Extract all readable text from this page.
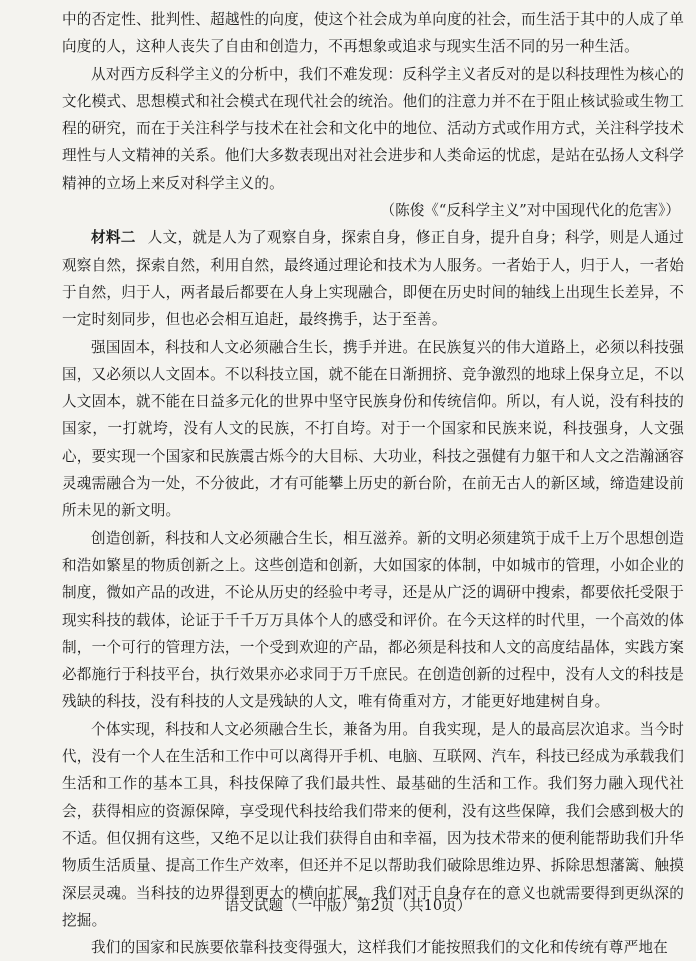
中的否定性、批判性、超越性的向度，使这个社会成为单向度的社会，而生活于其中的人成了单向度的人，这种人丧失了自由和创造力，不再想象或追求与现实生活不同的另一种生活。

从对西方反科学主义的分析中，我们不难发现：反科学主义者反对的是以科技理性为核心的文化模式、思想模式和社会模式在现代社会的统治。他们的注意力并不在于阻止核试验或生物工程的研究，而在于关注科学与技术在社会和文化中的地位、活动方式或作用方式，关注科学技术理性与人文精神的关系。他们大多数表现出对社会进步和人类命运的忧虑，是站在弘扬人文科学精神的立场上来反对科学主义的。

（陈俊《“反科学主义”对中国现代化的危害》）

材料二 人文，就是人为了观察自身，探索自身，修正自身，提升自身；科学，则是人通过观察自然，探索自然，利用自然，最终通过理论和技术为人服务。一者始于人，归于人，一者始于自然，归于人，两者最后都要在人身上实现融合，即便在历史时间的轴线上出现生长差异，不一定时刻同步，但也必会相互追赶，最终携手，达于至善。

强国固本，科技和人文必须融合生长，携手并进。在民族复兴的伟大道路上，必须以科技强国，又必须以人文固本。不以科技立国，就不能在日渐拥挤、竞争激烈的地球上保身立足，不以人文固本，就不能在日益多元化的世界中坚守民族身份和传统信仰。所以，有人说，没有科技的国家，一打就垮，没有人文的民族，不打自垮。对于一个国家和民族来说，科技强身，人文强心，要实现一个国家和民族震古烁今的大目标、大功业，科技之强健有力躯干和人文之浩瀚涵容灵魂需融合为一处，不分彼此，才有可能攀上历史的新台阶，在前无古人的新区域，缔造建设前所未见的新文明。

创造创新，科技和人文必须融合生长，相互滋养。新的文明必须建筑于成千上万个思想创造和浩如繁星的物质创新之上。这些创造和创新，大如国家的体制，中如城市的管理，小如企业的制度，微如产品的改进，不论从历史的经验中考寻，还是从广泛的调研中搜索，都要依托受限于现实科技的载体，论证于千千万万具体个人的感受和评价。在今天这样的时代里，一个高效的体制，一个可行的管理方法，一个受到欢迎的产品，都必须是科技和人文的高度结晶体，实践方案必都施行于科技平台，执行效果亦必求同于万千庶民。在创造创新的过程中，没有人文的科技是残缺的科技，没有科技的人文是残缺的人文，唯有倚重对方，才能更好地建树自身。

个体实现，科技和人文必须融合生长，兼备为用。自我实现，是人的最高层次追求。当今时代，没有一个人在生活和工作中可以离得开手机、电脑、互联网、汽车，科技已经成为承载我们生活和工作的基本工具，科技保障了我们最共性、最基础的生活和工作。我们努力融入现代社会，获得相应的资源保障，享受现代科技给我们带来的便利，没有这些保障，我们会感到极大的不适。但仅拥有这些，又绝不足以让我们获得自由和幸福，因为技术带来的便利能帮助我们升华物质生活质量、提高工作生产效率，但还并不足以帮助我们破除思维边界、拆除思想藩篱、触摸深层灵魂。当科技的边界得到更大的横向扩展，我们对于自身存在的意义也就需要得到更纵深的挖掘。

我们的国家和民族要依靠科技变得强大，这样我们才能按照我们的文化和传统有尊严地在

语文试题（一中版）第2页（共10页）
